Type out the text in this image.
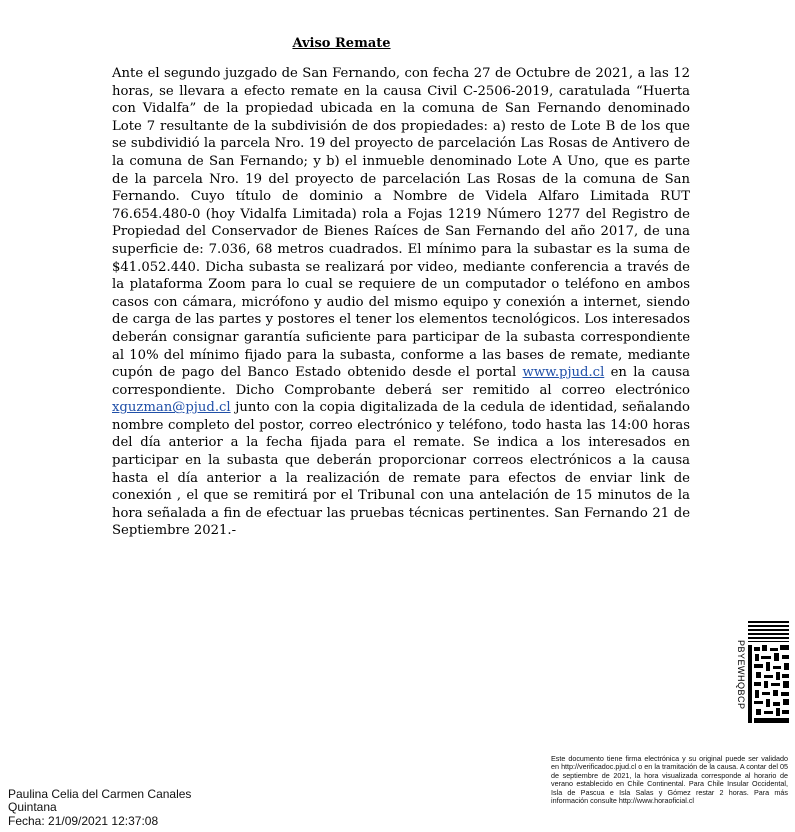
Aviso Remate

Ante el segundo juzgado de San Fernando, con fecha 27 de Octubre de 2021, a las 12 horas, se llevara a efecto remate en la causa Civil C-2506-2019, caratulada “Huerta con Vidalfa” de la propiedad ubicada en la comuna de San Fernando denominado Lote 7 resultante de la subdivisión de dos propiedades: a) resto de Lote B de los que se subdividió la parcela Nro. 19 del proyecto de parcelación Las Rosas de Antivero de la comuna de San Fernando; y b) el inmueble denominado Lote A Uno, que es parte de la parcela Nro. 19 del proyecto de parcelación Las Rosas de la comuna de San Fernando. Cuyo título de dominio a Nombre de Videla Alfaro Limitada RUT 76.654.480-0 (hoy Vidalfa Limitada) rola a Fojas 1219 Número 1277 del Registro de Propiedad del Conservador de Bienes Raíces de San Fernando del año 2017, de una superficie de: 7.036, 68 metros cuadrados. El mínimo para la subastar es la suma de $41.052.440. Dicha subasta se realizará por video, mediante conferencia a través de la plataforma Zoom para lo cual se requiere de un computador o teléfono en ambos casos con cámara, micrófono y audio del mismo equipo y conexión a internet, siendo de carga de las partes y postores el tener los elementos tecnológicos. Los interesados deberán consignar garantía suficiente para participar de la subasta correspondiente al 10% del mínimo fijado para la subasta, conforme a las bases de remate, mediante cupón de pago del Banco Estado obtenido desde el portal www.pjud.cl en la causa correspondiente. Dicho Comprobante deberá ser remitido al correo electrónico xguzman@pjud.cl junto con la copia digitalizada de la cedula de identidad, señalando nombre completo del postor, correo electrónico y teléfono, todo hasta las 14:00 horas del día anterior a la fecha fijada para el remate. Se indica a los interesados en participar en la subasta que deberán proporcionar correos electrónicos a la causa hasta el día anterior a la realización de remate para efectos de enviar link de conexión , el que se remitirá por el Tribunal con una antelación de 15 minutos de la hora señalada a fin de efectuar las pruebas técnicas pertinentes. San Fernando 21 de Septiembre 2021.-

PBYEWHQBCP
Este documento tiene firma electrónica y su original puede ser validado en http://verificadoc.pjud.cl o en la tramitación de la causa. A contar del 05 de septiembre de 2021, la hora visualizada corresponde al horario de verano establecido en Chile Continental. Para Chile Insular Occidental, Isla de Pascua e Isla Salas y Gómez restar 2 horas. Para más información consulte http://www.horaoficial.cl
Paulina Celia del Carmen Canales
Quintana
Fecha: 21/09/2021 12:37:08
